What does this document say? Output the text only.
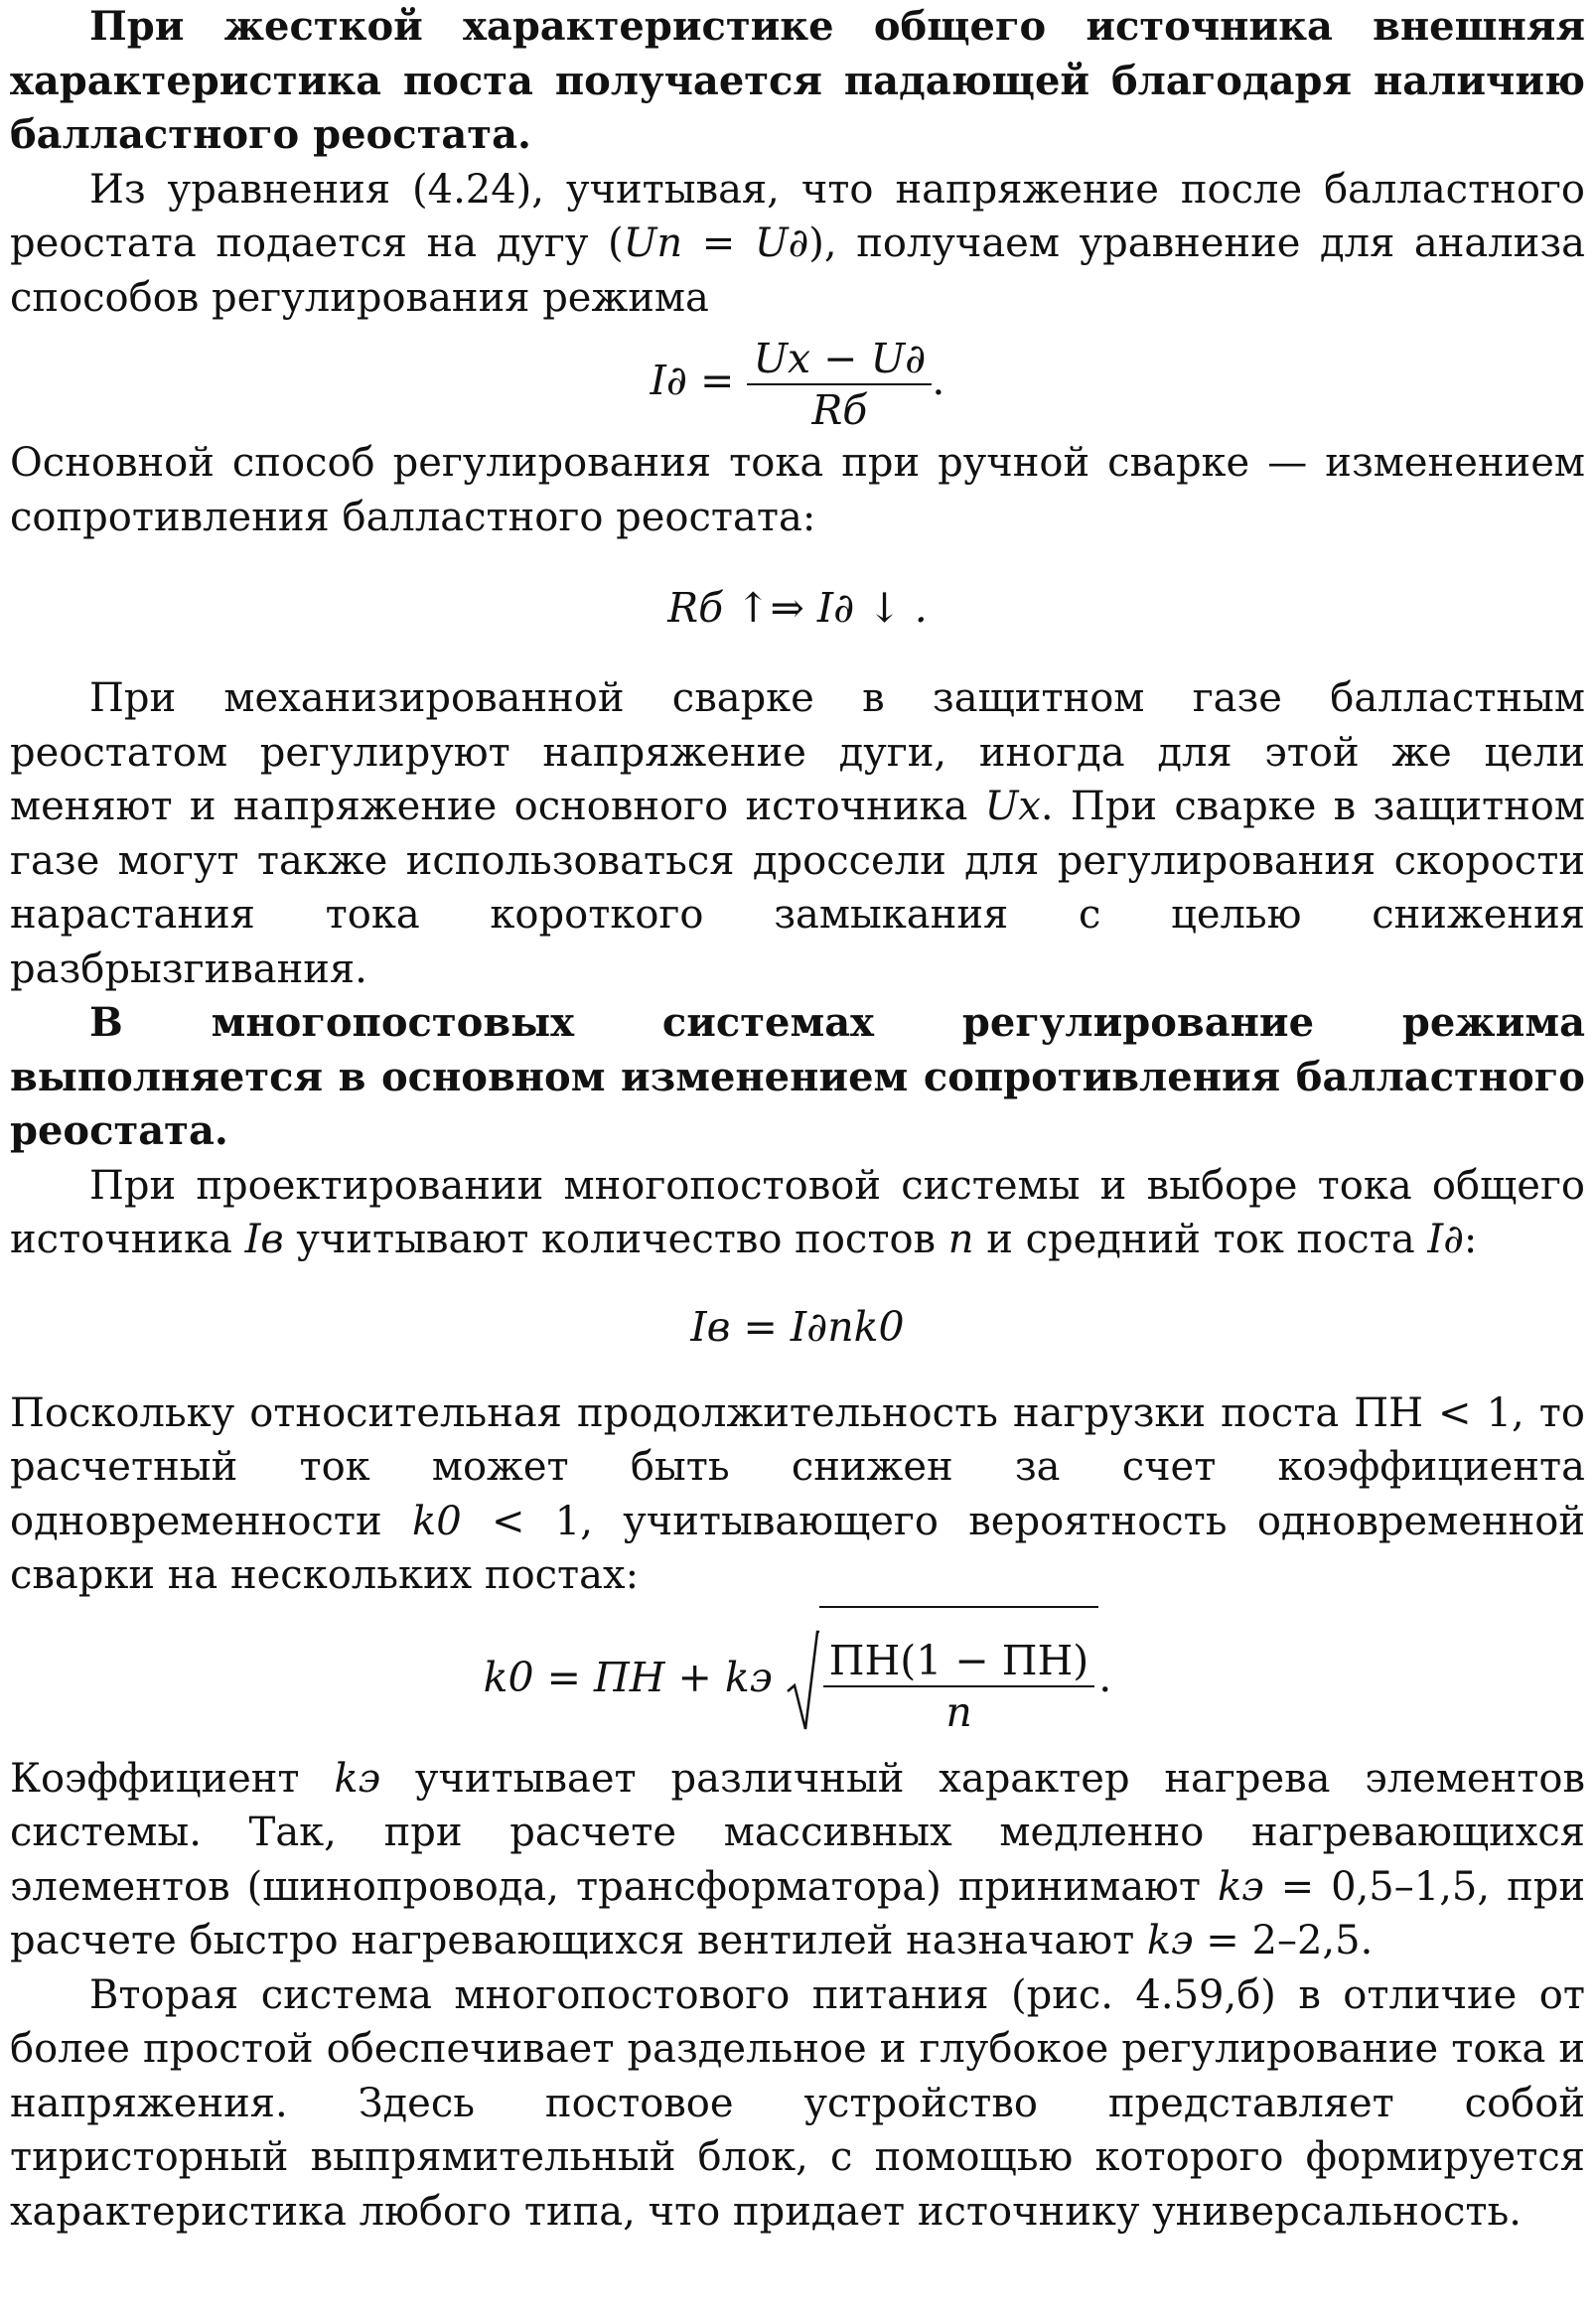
При жесткой характеристике общего источника внешняя характеристика поста получается падающей благодаря наличию балластного реостата.

Из уравнения (4.24), учитывая, что напряжение после балластного реостата подается на дугу (Uп = U∂), получаем уравнение для анализа способов регулирования режима

$I\partial = \frac{Uх - U\partial}{Rб}$ .

Основной способ регулирования тока при ручной сварке — изменением сопротивления балластного реостата:

Rб ↑⇒ I∂ ↓ .

При механизированной сварке в защитном газе балластным реостатом регулируют напряжение дуги, иногда для этой же цели меняют и напряжение основного источника Uх. При сварке в защитном газе могут также использоваться дроссели для регулирования скорости нарастания тока короткого замыкания с целью снижения разбрызгивания.

В многопостовых системах регулирование режима выполняется в основном изменением сопротивления балластного реостата.

При проектировании многопостовой системы и выборе тока общего источника Iв учитывают количество постов n и средний ток поста I∂:

Iв = I∂nk0

Поскольку относительная продолжительность нагрузки поста ПН < 1, то расчетный ток может быть снижен за счет коэффициента одновременности k0 < 1, учитывающего вероятность одновременной сварки на нескольких постах:

k0 = ПН + kэ $\frac{ПН(1 - ПН)}{n}$ .

Коэффициент kэ учитывает различный характер нагрева элементов системы. Так, при расчете массивных медленно нагревающихся элементов (шинопровода, трансформатора) принимают kэ = 0,5–1,5, при расчете быстро нагревающихся вентилей назначают kэ = 2–2,5.

Вторая система многопостового питания (рис. 4.59,б) в отличие от более простой обеспечивает раздельное и глубокое регулирование тока и напряжения. Здесь постовое устройство представляет собой тиристорный выпрямительный блок, с помощью которого формируется характеристика любого типа, что придает источнику универсальность.
